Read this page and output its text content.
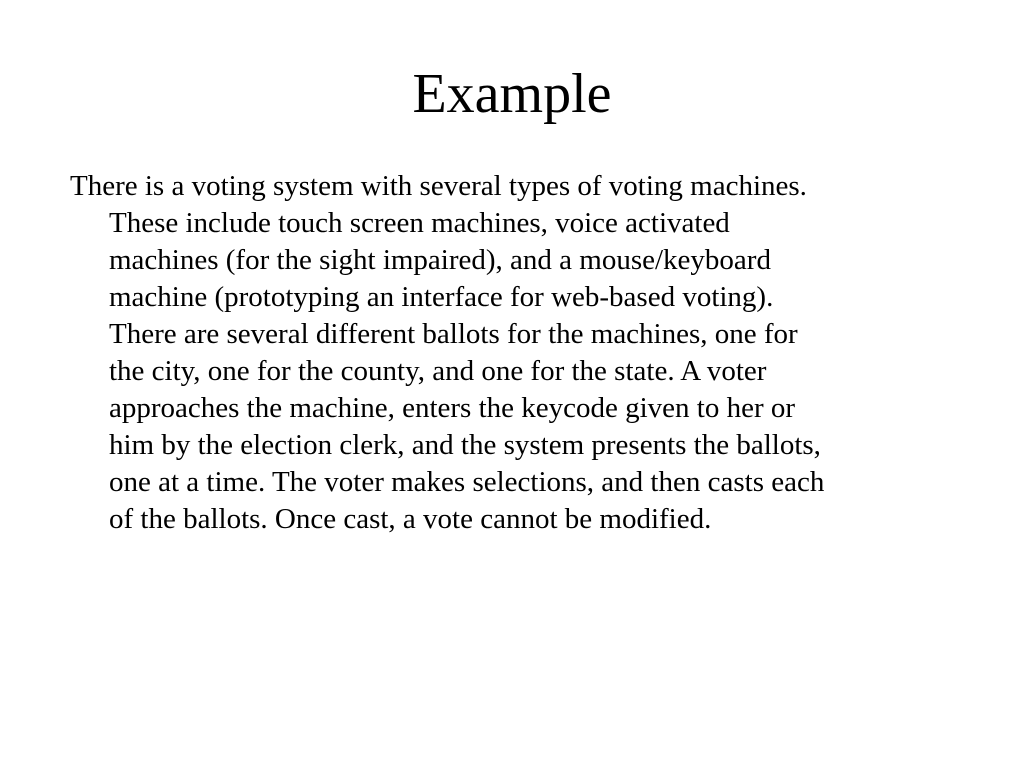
Example
There is a voting system with several types of voting machines.
These include touch screen machines, voice activated
machines (for the sight impaired), and a mouse/keyboard
machine (prototyping an interface for web-based voting).
There are several different ballots for the machines, one for
the city, one for the county, and one for the state. A voter
approaches the machine, enters the keycode given to her or
him by the election clerk, and the system presents the ballots,
one at a time. The voter makes selections, and then casts each
of the ballots. Once cast, a vote cannot be modified.
